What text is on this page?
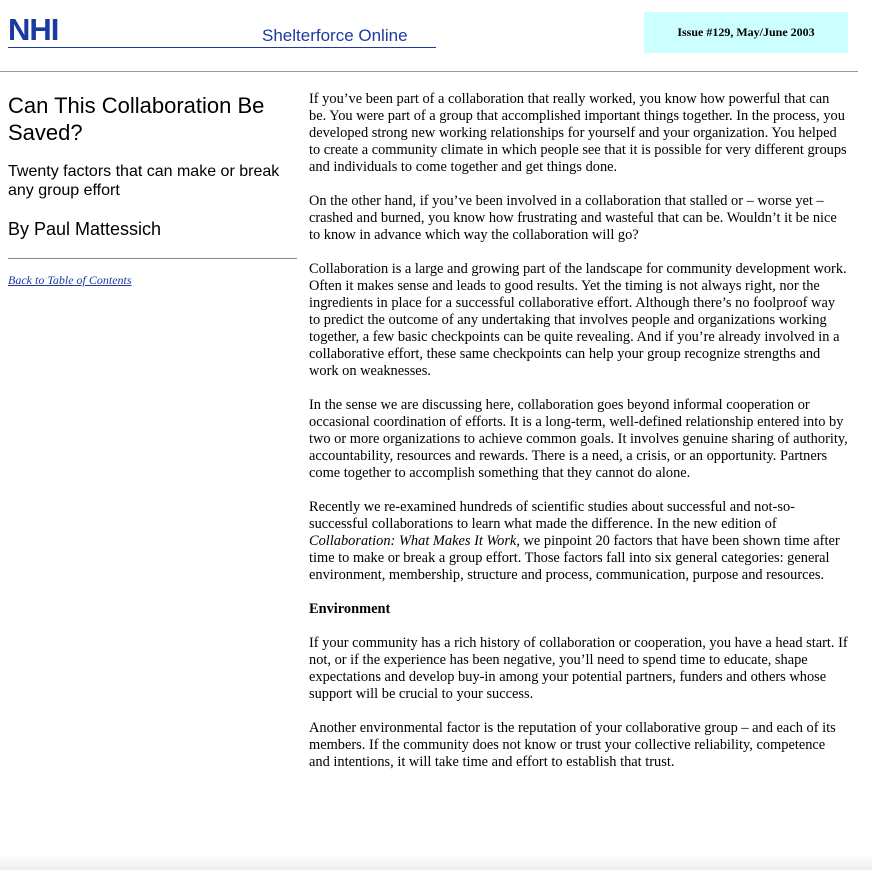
NHI	Shelterforce Online	Issue #129, May/June 2003
Can This Collaboration Be Saved?

Twenty factors that can make or break any group effort

By Paul Mattessich

Back to Table of Contents

If you’ve been part of a collaboration that really worked, you know how powerful that can be. You were part of a group that accomplished important things together. In the process, you developed strong new working relationships for yourself and your organization. You helped to create a community climate in which people see that it is possible for very different groups and individuals to come together and get things done.

On the other hand, if you’ve been involved in a collaboration that stalled or – worse yet – crashed and burned, you know how frustrating and wasteful that can be. Wouldn’t it be nice to know in advance which way the collaboration will go?

Collaboration is a large and growing part of the landscape for community development work. Often it makes sense and leads to good results. Yet the timing is not always right, nor the ingredients in place for a successful collaborative effort. Although there’s no foolproof way to predict the outcome of any undertaking that involves people and organizations working together, a few basic checkpoints can be quite revealing. And if you’re already involved in a collaborative effort, these same checkpoints can help your group recognize strengths and work on weaknesses.

In the sense we are discussing here, collaboration goes beyond informal cooperation or occasional coordination of efforts. It is a long-term, well-defined relationship entered into by two or more organizations to achieve common goals. It involves genuine sharing of authority, accountability, resources and rewards. There is a need, a crisis, or an opportunity. Partners come together to accomplish something that they cannot do alone.

Recently we re-examined hundreds of scientific studies about successful and not-so-successful collaborations to learn what made the difference. In the new edition of Collaboration: What Makes It Work, we pinpoint 20 factors that have been shown time after time to make or break a group effort. Those factors fall into six general categories: general environment, membership, structure and process, communication, purpose and resources.

Environment

If your community has a rich history of collaboration or cooperation, you have a head start. If not, or if the experience has been negative, you’ll need to spend time to educate, shape expectations and develop buy-in among your potential partners, funders and others whose support will be crucial to your success.

Another environmental factor is the reputation of your collaborative group – and each of its members. If the community does not know or trust your collective reliability, competence and intentions, it will take time and effort to establish that trust.
